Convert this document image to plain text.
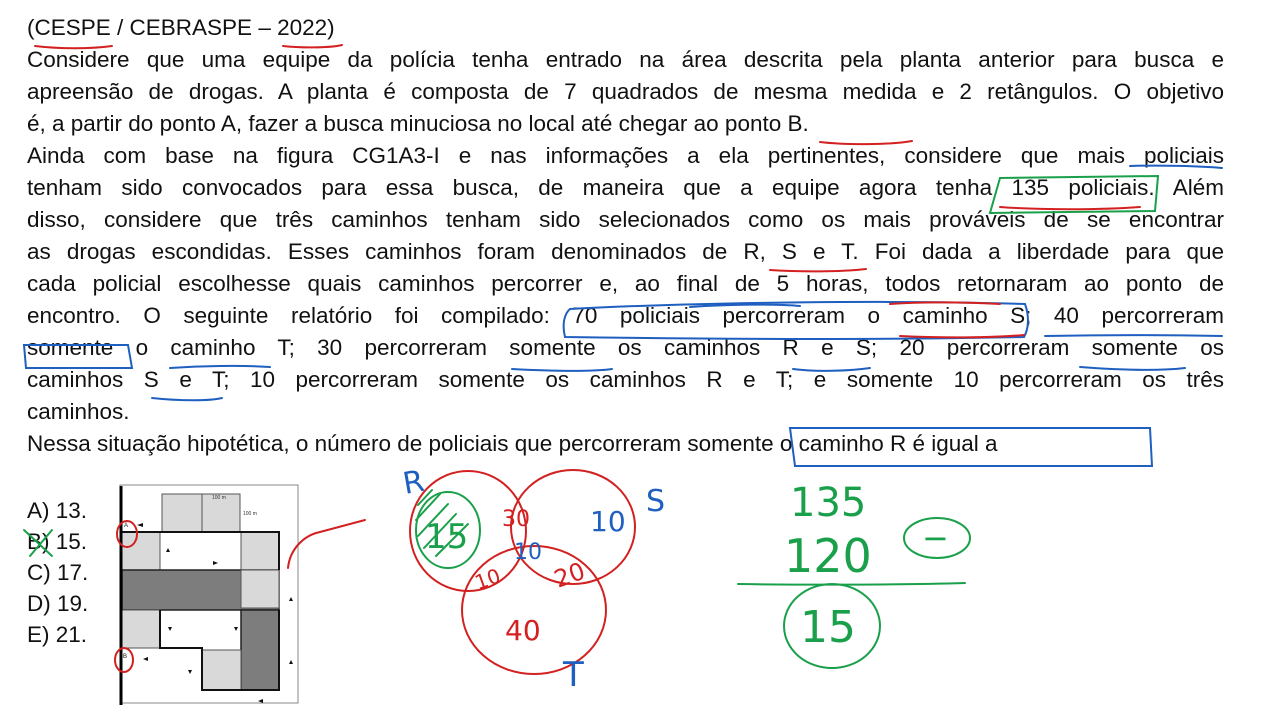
(CESPE / CEBRASPE – 2022)
Considere que uma equipe da polícia tenha entrado na área descrita pela planta anterior para busca e
apreensão de drogas. A planta é composta de 7 quadrados de mesma medida e 2 retângulos. O objetivo
é, a partir do ponto A, fazer a busca minuciosa no local até chegar ao ponto B.
Ainda com base na figura CG1A3-I e nas informações a ela pertinentes, considere que mais policiais
tenham sido convocados para essa busca, de maneira que a equipe agora tenha 135 policiais. Além
disso, considere que três caminhos tenham sido selecionados como os mais prováveis de se encontrar
as drogas escondidas. Esses caminhos foram denominados de R, S e T. Foi dada a liberdade para que
cada policial escolhesse quais caminhos percorrer e, ao final de 5 horas, todos retornaram ao ponto de
encontro. O seguinte relatório foi compilado: 70 policiais percorreram o caminho S; 40 percorreram
somente o caminho T; 30 percorreram somente os caminhos R e S; 20 percorreram somente os
caminhos S e T; 10 percorreram somente os caminhos R e T; e somente 10 percorreram os três
caminhos.
Nessa situação hipotética, o número de policiais que percorreram somente o caminho R é igual a
A) 13.
B) 15.
C) 17.
D) 19.
E) 21.
100 m
100 m
A
B
30
10 20
40
R	S
10
10
T
15
135
−
120
15
